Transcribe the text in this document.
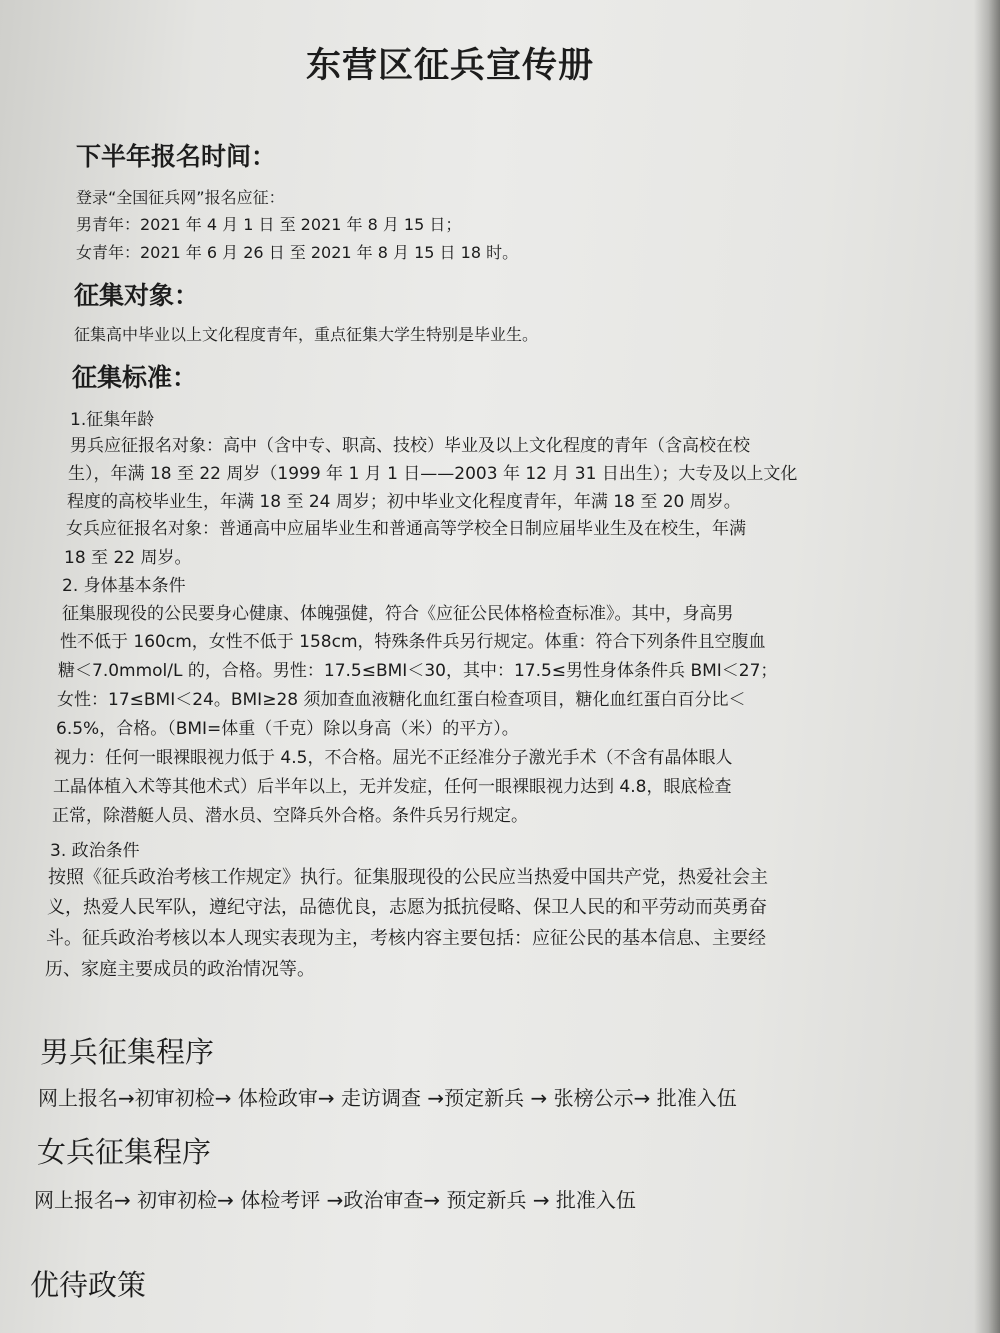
东营区征兵宣传册
下半年报名时间：
登录“全国征兵网”报名应征：
男青年：2021 年 4 月 1 日 至 2021 年 8 月 15 日；
女青年：2021 年 6 月 26 日 至 2021 年 8 月 15 日 18 时。
征集对象：
征集高中毕业以上文化程度青年，重点征集大学生特别是毕业生。
征集标准：
1.征集年龄
男兵应征报名对象：高中（含中专、职高、技校）毕业及以上文化程度的青年（含高校在校
生），年满 18 至 22 周岁（1999 年 1 月 1 日——2003 年 12 月 31 日出生）；大专及以上文化
程度的高校毕业生，年满 18 至 24 周岁；初中毕业文化程度青年，年满 18 至 20 周岁。
女兵应征报名对象：普通高中应届毕业生和普通高等学校全日制应届毕业生及在校生，年满
18 至 22 周岁。
2. 身体基本条件
征集服现役的公民要身心健康、体魄强健，符合《应征公民体格检查标准》。其中，身高男
性不低于 160cm，女性不低于 158cm，特殊条件兵另行规定。体重：符合下列条件且空腹血
糖＜7.0mmol/L 的，合格。男性：17.5≤BMI＜30，其中：17.5≤男性身体条件兵 BMI＜27；
女性：17≤BMI＜24。BMI≥28 须加查血液糖化血红蛋白检查项目，糖化血红蛋白百分比＜
6.5%，合格。（BMI=体重（千克）除以身高（米）的平方）。
视力：任何一眼裸眼视力低于 4.5，不合格。屈光不正经准分子激光手术（不含有晶体眼人
工晶体植入术等其他术式）后半年以上，无并发症，任何一眼裸眼视力达到 4.8，眼底检查
正常，除潜艇人员、潜水员、空降兵外合格。条件兵另行规定。
3. 政治条件
按照《征兵政治考核工作规定》执行。征集服现役的公民应当热爱中国共产党，热爱社会主
义，热爱人民军队，遵纪守法，品德优良，志愿为抵抗侵略、保卫人民的和平劳动而英勇奋
斗。征兵政治考核以本人现实表现为主，考核内容主要包括：应征公民的基本信息、主要经
历、家庭主要成员的政治情况等。
男兵征集程序
网上报名→初审初检→ 体检政审→ 走访调查 →预定新兵 → 张榜公示→ 批准入伍
女兵征集程序
网上报名→ 初审初检→ 体检考评 →政治审查→ 预定新兵 → 批准入伍
优待政策
